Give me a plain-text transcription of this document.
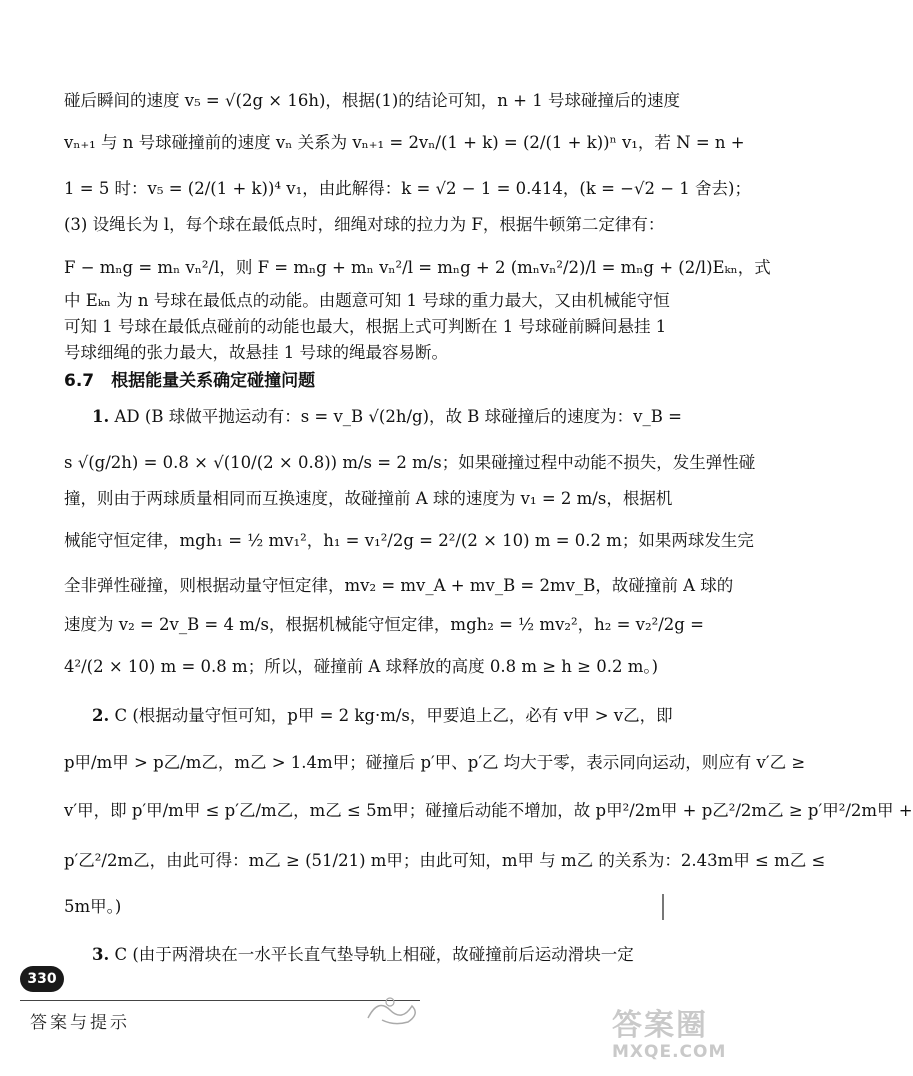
碰后瞬间的速度 v₅ = √(2g × 16h)，根据(1)的结论可知，n + 1 号球碰撞后的速度
vₙ₊₁ 与 n 号球碰撞前的速度 vₙ 关系为 vₙ₊₁ = 2vₙ/(1 + k) = (2/(1 + k))ⁿ v₁，若 N = n +
1 = 5 时：v₅ = (2/(1 + k))⁴ v₁，由此解得：k = √2 − 1 = 0.414，(k = −√2 − 1 舍去)；
(3) 设绳长为 l，每个球在最低点时，细绳对球的拉力为 F，根据牛顿第二定律有：
F − mₙg = mₙ vₙ²/l，则 F = mₙg + mₙ vₙ²/l = mₙg + 2 (mₙvₙ²/2)/l = mₙg + (2/l)Eₖₙ，式
中 Eₖₙ 为 n 号球在最低点的动能。由题意可知 1 号球的重力最大，又由机械能守恒
可知 1 号球在最低点碰前的动能也最大，根据上式可判断在 1 号球碰前瞬间悬挂 1
号球细绳的张力最大，故悬挂 1 号球的绳最容易断。
6.7　根据能量关系确定碰撞问题
1. AD (B 球做平抛运动有：s = v_B √(2h/g)，故 B 球碰撞后的速度为：v_B =
s √(g/2h) = 0.8 × √(10/(2 × 0.8)) m/s = 2 m/s；如果碰撞过程中动能不损失，发生弹性碰
撞，则由于两球质量相同而互换速度，故碰撞前 A 球的速度为 v₁ = 2 m/s，根据机
械能守恒定律，mgh₁ = ½ mv₁²，h₁ = v₁²/2g = 2²/(2 × 10) m = 0.2 m；如果两球发生完
全非弹性碰撞，则根据动量守恒定律，mv₂ = mv_A + mv_B = 2mv_B，故碰撞前 A 球的
速度为 v₂ = 2v_B = 4 m/s，根据机械能守恒定律，mgh₂ = ½ mv₂²，h₂ = v₂²/2g =
4²/(2 × 10) m = 0.8 m；所以，碰撞前 A 球释放的高度 0.8 m ≥ h ≥ 0.2 m。)
2. C (根据动量守恒可知，p甲 = 2 kg·m/s，甲要追上乙，必有 v甲 > v乙，即
p甲/m甲 > p乙/m乙，m乙 > 1.4m甲；碰撞后 p′甲、p′乙 均大于零，表示同向运动，则应有 v′乙 ≥
v′甲，即 p′甲/m甲 ≤ p′乙/m乙，m乙 ≤ 5m甲；碰撞后动能不增加，故 p甲²/2m甲 + p乙²/2m乙 ≥ p′甲²/2m甲 +
p′乙²/2m乙，由此可得：m乙 ≥ (51/21) m甲；由此可知，m甲 与 m乙 的关系为：2.43m甲 ≤ m乙 ≤
5m甲。)
3. C (由于两滑块在一水平长直气垫导轨上相碰，故碰撞前后运动滑块一定
330
答案与提示	答案圈
MXQE.COM
